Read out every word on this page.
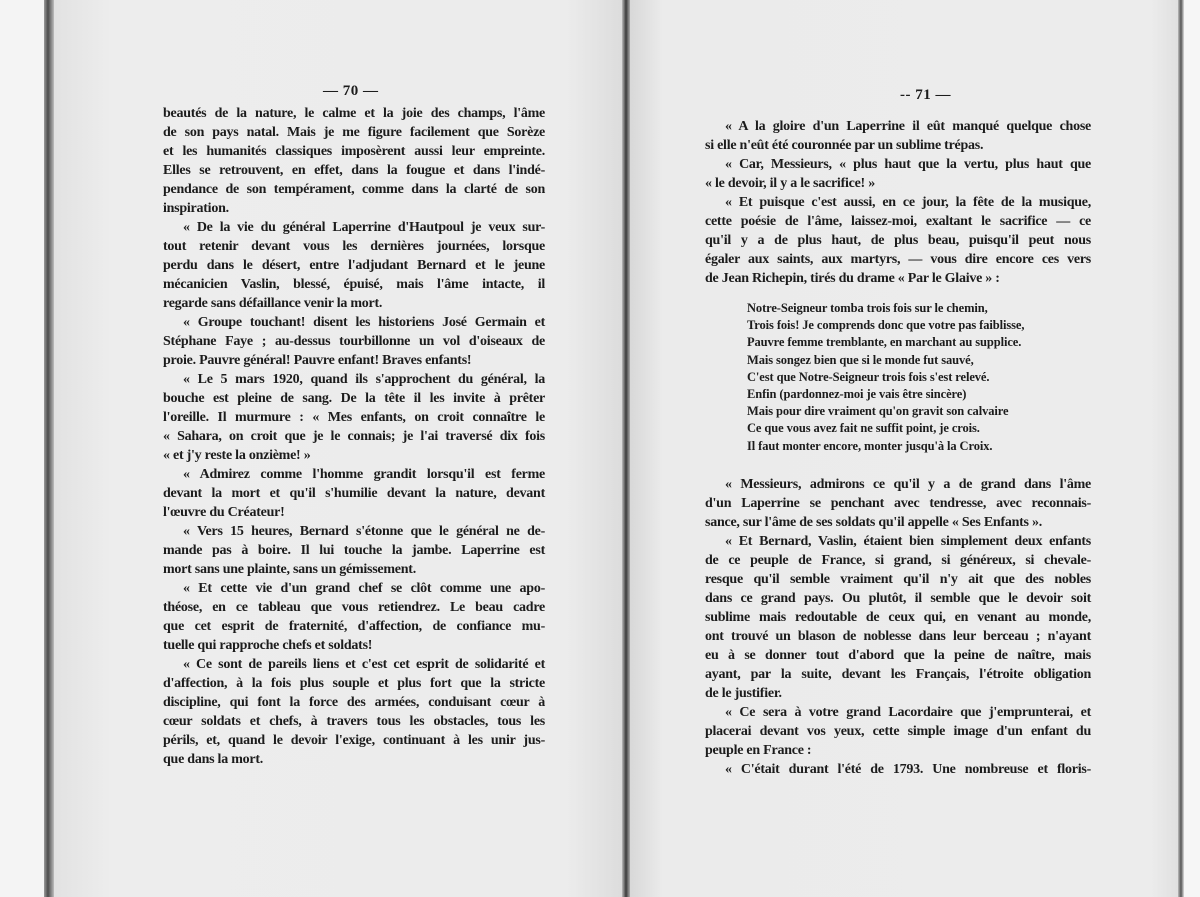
— 70 —
beautés de la nature, le calme et la joie des champs, l'âme
de son pays natal. Mais je me figure facilement que Sorèze
et les humanités classiques imposèrent aussi leur empreinte.
Elles se retrouvent, en effet, dans la fougue et dans l'indé-
pendance de son tempérament, comme dans la clarté de son
inspiration.
« De la vie du général Laperrine d'Hautpoul je veux sur-
tout retenir devant vous les dernières journées, lorsque
perdu dans le désert, entre l'adjudant Bernard et le jeune
mécanicien Vaslin, blessé, épuisé, mais l'âme intacte, il
regarde sans défaillance venir la mort.
« Groupe touchant! disent les historiens José Germain et
Stéphane Faye ; au-dessus tourbillonne un vol d'oiseaux de
proie. Pauvre général! Pauvre enfant! Braves enfants!
« Le 5 mars 1920, quand ils s'approchent du général, la
bouche est pleine de sang. De la tête il les invite à prêter
l'oreille. Il murmure : « Mes enfants, on croit connaître le
« Sahara, on croit que je le connais; je l'ai traversé dix fois
« et j'y reste la onzième! »
« Admirez comme l'homme grandit lorsqu'il est ferme
devant la mort et qu'il s'humilie devant la nature, devant
l'œuvre du Créateur!
« Vers 15 heures, Bernard s'étonne que le général ne de-
mande pas à boire. Il lui touche la jambe. Laperrine est
mort sans une plainte, sans un gémissement.
« Et cette vie d'un grand chef se clôt comme une apo-
théose, en ce tableau que vous retiendrez. Le beau cadre
que cet esprit de fraternité, d'affection, de confiance mu-
tuelle qui rapproche chefs et soldats!
« Ce sont de pareils liens et c'est cet esprit de solidarité et
d'affection, à la fois plus souple et plus fort que la stricte
discipline, qui font la force des armées, conduisant cœur à
cœur soldats et chefs, à travers tous les obstacles, tous les
périls, et, quand le devoir l'exige, continuant à les unir jus-
que dans la mort.
-- 71 —
« A la gloire d'un Laperrine il eût manqué quelque chose
si elle n'eût été couronnée par un sublime trépas.
« Car, Messieurs, « plus haut que la vertu, plus haut que
« le devoir, il y a le sacrifice! »
« Et puisque c'est aussi, en ce jour, la fête de la musique,
cette poésie de l'âme, laissez-moi, exaltant le sacrifice — ce
qu'il y a de plus haut, de plus beau, puisqu'il peut nous
égaler aux saints, aux martyrs, — vous dire encore ces vers
de Jean Richepin, tirés du drame « Par le Glaive » :
Notre-Seigneur tomba trois fois sur le chemin,
Trois fois! Je comprends donc que votre pas faiblisse,
Pauvre femme tremblante, en marchant au supplice.
Mais songez bien que si le monde fut sauvé,
C'est que Notre-Seigneur trois fois s'est relevé.
Enfin (pardonnez-moi je vais être sincère)
Mais pour dire vraiment qu'on gravit son calvaire
Ce que vous avez fait ne suffit point, je crois.
Il faut monter encore, monter jusqu'à la Croix.
« Messieurs, admirons ce qu'il y a de grand dans l'âme
d'un Laperrine se penchant avec tendresse, avec reconnais-
sance, sur l'âme de ses soldats qu'il appelle « Ses Enfants ».
« Et Bernard, Vaslin, étaient bien simplement deux enfants
de ce peuple de France, si grand, si généreux, si chevale-
resque qu'il semble vraiment qu'il n'y ait que des nobles
dans ce grand pays. Ou plutôt, il semble que le devoir soit
sublime mais redoutable de ceux qui, en venant au monde,
ont trouvé un blason de noblesse dans leur berceau ; n'ayant
eu à se donner tout d'abord que la peine de naître, mais
ayant, par la suite, devant les Français, l'étroite obligation
de le justifier.
« Ce sera à votre grand Lacordaire que j'emprunterai, et
placerai devant vos yeux, cette simple image d'un enfant du
peuple en France :
« C'était durant l'été de 1793. Une nombreuse et floris-
